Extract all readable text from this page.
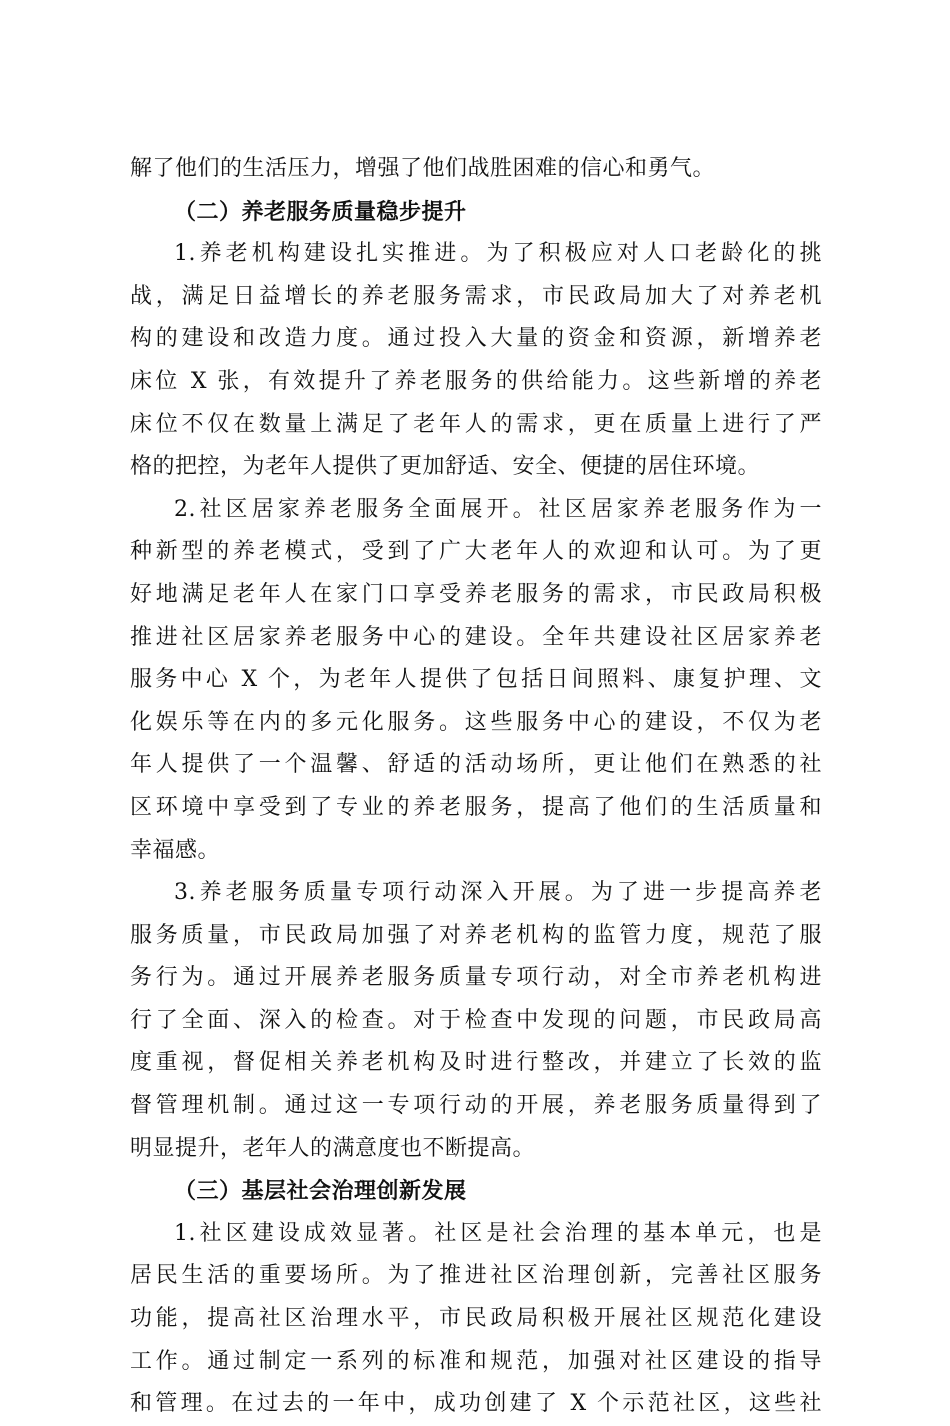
解了他们的生活压力，增强了他们战胜困难的信心和勇气。
（二）养老服务质量稳步提升
1.养老机构建设扎实推进。为了积极应对人口老龄化的挑
战，满足日益增长的养老服务需求，市民政局加大了对养老机
构的建设和改造力度。通过投入大量的资金和资源，新增养老
床位 X 张，有效提升了养老服务的供给能力。这些新增的养老
床位不仅在数量上满足了老年人的需求，更在质量上进行了严
格的把控，为老年人提供了更加舒适、安全、便捷的居住环境。
2.社区居家养老服务全面展开。社区居家养老服务作为一
种新型的养老模式，受到了广大老年人的欢迎和认可。为了更
好地满足老年人在家门口享受养老服务的需求，市民政局积极
推进社区居家养老服务中心的建设。全年共建设社区居家养老
服务中心 X 个，为老年人提供了包括日间照料、康复护理、文
化娱乐等在内的多元化服务。这些服务中心的建设，不仅为老
年人提供了一个温馨、舒适的活动场所，更让他们在熟悉的社
区环境中享受到了专业的养老服务，提高了他们的生活质量和
幸福感。
3.养老服务质量专项行动深入开展。为了进一步提高养老
服务质量，市民政局加强了对养老机构的监管力度，规范了服
务行为。通过开展养老服务质量专项行动，对全市养老机构进
行了全面、深入的检查。对于检查中发现的问题，市民政局高
度重视，督促相关养老机构及时进行整改，并建立了长效的监
督管理机制。通过这一专项行动的开展，养老服务质量得到了
明显提升，老年人的满意度也不断提高。
（三）基层社会治理创新发展
1.社区建设成效显著。社区是社会治理的基本单元，也是
居民生活的重要场所。为了推进社区治理创新，完善社区服务
功能，提高社区治理水平，市民政局积极开展社区规范化建设
工作。通过制定一系列的标准和规范，加强对社区建设的指导
和管理。在过去的一年中，成功创建了 X 个示范社区，这些社
